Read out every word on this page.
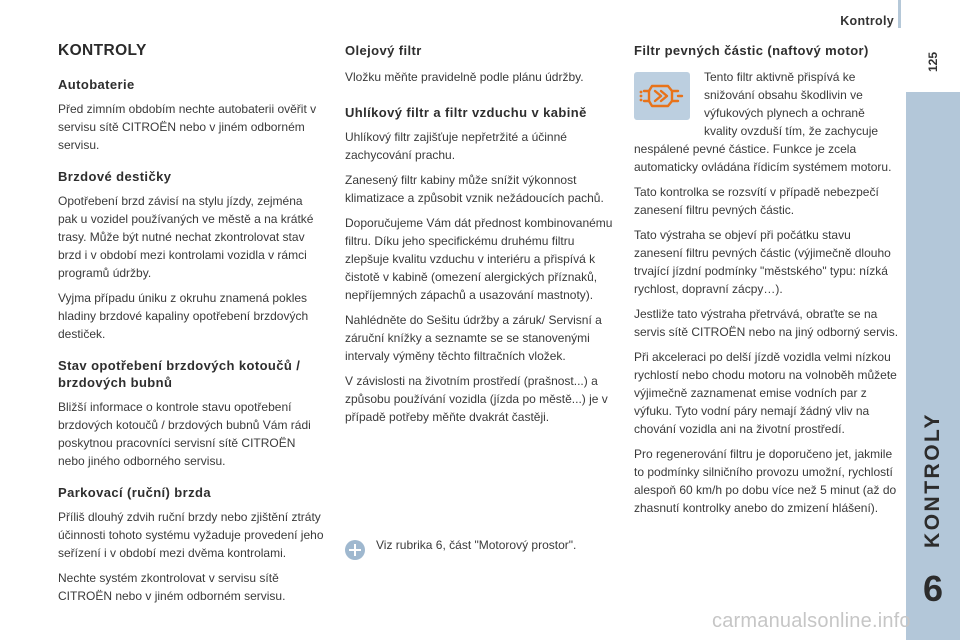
Kontroly
125
KONTROLY
6
KONTROLY
Autobaterie

Před zimním obdobím nechte autobaterii ověřit v servisu sítě CITROËN nebo v jiném odborném servisu.

Brzdové destičky

Opotřebení brzd závisí na stylu jízdy, zejména pak u vozidel používaných ve městě a na krátké trasy. Může být nutné nechat zkontrolovat stav brzd i v období mezi kontrolami vozidla v rámci programů údržby.

Vyjma případu úniku z okruhu znamená pokles hladiny brzdové kapaliny opotřebení brzdových destiček.

Stav opotřebení brzdových kotoučů / brzdových bubnů

Bližší informace o kontrole stavu opotřebení brzdových kotoučů / brzdových bubnů Vám rádi poskytnou pracovníci servisní sítě CITROËN nebo jiného odborného servisu.

Parkovací (ruční) brzda

Příliš dlouhý zdvih ruční brzdy nebo zjištění ztráty účinnosti tohoto systému vyžaduje provedení jeho seřízení i v období mezi dvěma kontrolami.

Nechte systém zkontrolovat v servisu sítě CITROËN nebo v jiném odborném servisu.

Olejový filtr

Vložku měňte pravidelně podle plánu údržby.

Uhlíkový filtr a filtr vzduchu v kabině

Uhlíkový filtr zajišťuje nepřetržité a účinné zachycování prachu.

Zanesený filtr kabiny může snížit výkonnost klimatizace a způsobit vznik nežádoucích pachů.

Doporučujeme Vám dát přednost kombinovanému filtru. Díku jeho specifickému druhému filtru zlepšuje kvalitu vzduchu v interiéru a přispívá k čistotě v kabině (omezení alergických příznaků, nepříjemných zápachů a usazování mastnoty).

Nahlédněte do Sešitu údržby a záruk/ Servisní a záruční knížky a seznamte se se stanovenými intervaly výměny těchto filtračních vložek.

V závislosti na životním prostředí (prašnost...) a způsobu používání vozidla (jízda po městě...) je v případě potřeby měňte dvakrát častěji.

Viz rubrika 6, část "Motorový prostor".
Filtr pevných částic (naftový motor)

Tento filtr aktivně přispívá ke snižování obsahu škodlivin ve výfukových plynech a ochraně kvality ovzduší tím, že zachycuje nespálené pevné částice. Funkce je zcela automaticky ovládána řídicím systémem motoru.

Tato kontrolka se rozsvítí v případě nebezpečí zanesení filtru pevných částic.

Tato výstraha se objeví při počátku stavu zanesení filtru pevných částic (výjimečně dlouho trvající jízdní podmínky "městského" typu: nízká rychlost, dopravní zácpy…).

Jestliže tato výstraha přetrvává, obraťte se na servis sítě CITROËN nebo na jiný odborný servis.

Při akceleraci po delší jízdě vozidla velmi nízkou rychlostí nebo chodu motoru na volnoběh můžete výjimečně zaznamenat emise vodních par z výfuku. Tyto vodní páry nemají žádný vliv na chování vozidla ani na životní prostředí.

Pro regenerování filtru je doporučeno jet, jakmile to podmínky silničního provozu umožní, rychlostí alespoň 60 km/h po dobu více než 5 minut (až do zhasnutí kontrolky anebo do zmizení hlášení).

carmanualsonline.info
